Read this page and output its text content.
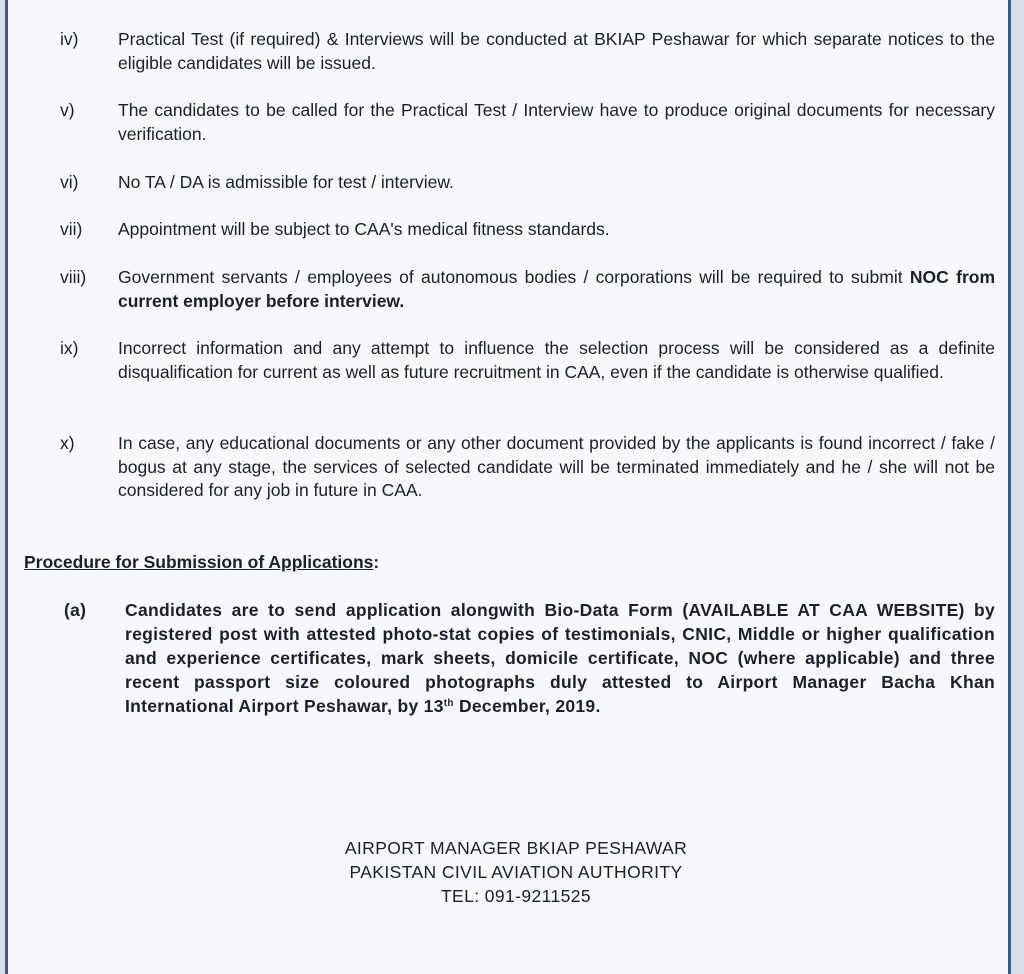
iv) Practical Test (if required) & Interviews will be conducted at BKIAP Peshawar for which separate notices to the eligible candidates will be issued.
v) The candidates to be called for the Practical Test / Interview have to produce original documents for necessary verification.
vi) No TA / DA is admissible for test / interview.
vii) Appointment will be subject to CAA's medical fitness standards.
viii) Government servants / employees of autonomous bodies / corporations will be required to submit NOC from current employer before interview.
ix) Incorrect information and any attempt to influence the selection process will be considered as a definite disqualification for current as well as future recruitment in CAA, even if the candidate is otherwise qualified.
x) In case, any educational documents or any other document provided by the applicants is found incorrect / fake / bogus at any stage, the services of selected candidate will be terminated immediately and he / she will not be considered for any job in future in CAA.
Procedure for Submission of Applications:
(a) Candidates are to send application alongwith Bio-Data Form (AVAILABLE AT CAA WEBSITE) by registered post with attested photo-stat copies of testimonials, CNIC, Middle or higher qualification and experience certificates, mark sheets, domicile certificate, NOC (where applicable) and three recent passport size coloured photographs duly attested to Airport Manager Bacha Khan International Airport Peshawar, by 13th December, 2019.
AIRPORT MANAGER BKIAP PESHAWAR
PAKISTAN CIVIL AVIATION AUTHORITY
TEL: 091-9211525
